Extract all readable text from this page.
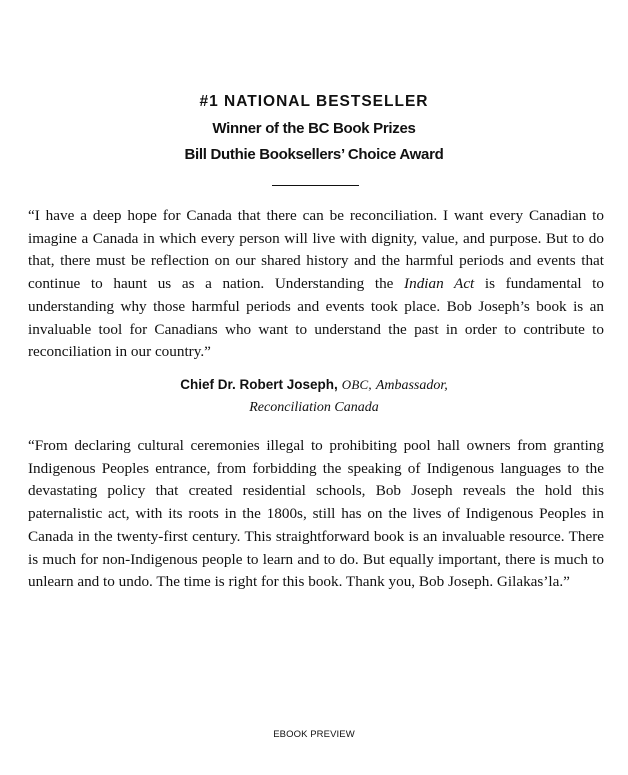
#1 NATIONAL BESTSELLER
Winner of the BC Book Prizes
Bill Duthie Booksellers’ Choice Award

“I have a deep hope for Canada that there can be reconciliation. I want every Canadian to imagine a Canada in which every person will live with dignity, value, and purpose. But to do that, there must be reflection on our shared history and the harmful periods and events that continue to haunt us as a nation. Understanding the Indian Act is fundamental to understanding why those harmful periods and events took place. Bob Joseph’s book is an invaluable tool for Canadians who want to understand the past in order to contribute to reconciliation in our country.”

Chief Dr. Robert Joseph, OBC, Ambassador,
Reconciliation Canada

“From declaring cultural ceremonies illegal to prohibiting pool hall owners from granting Indigenous Peoples entrance, from forbidding the speaking of Indigenous languages to the devastating policy that created residential schools, Bob Joseph reveals the hold this paternalistic act, with its roots in the 1800s, still has on the lives of Indigenous Peoples in Canada in the twenty-first century. This straightforward book is an invaluable resource. There is much for non-Indigenous people to learn and to do. But equally important, there is much to unlearn and to undo. The time is right for this book. Thank you, Bob Joseph. Gilakas’la.”

EBOOK PREVIEW
